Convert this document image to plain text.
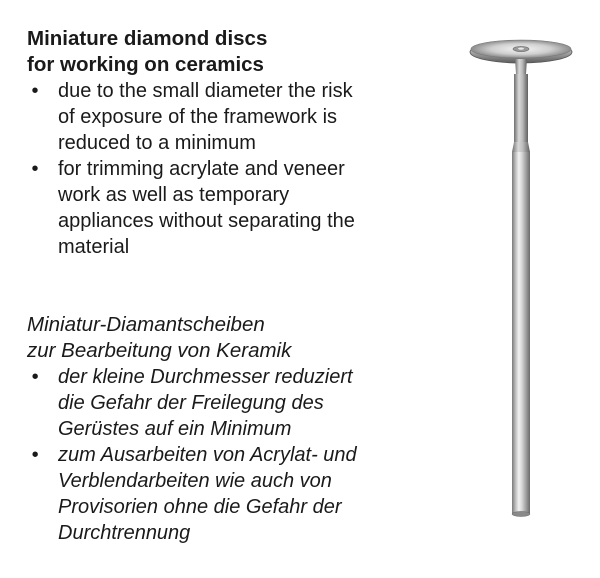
Miniature diamond discs
for working on ceramics
• due to the small diameter the risk
of exposure of the framework is
reduced to a minimum
• for trimming acrylate and veneer
work as well as temporary
appliances without separating the
material
Miniatur-Diamantscheiben
zur Bearbeitung von Keramik
• der kleine Durchmesser reduziert
die Gefahr der Freilegung des
Gerüstes auf ein Minimum
• zum Ausarbeiten von Acrylat- und
Verblendarbeiten wie auch von
Provisorien ohne die Gefahr der
Durchtrennung
